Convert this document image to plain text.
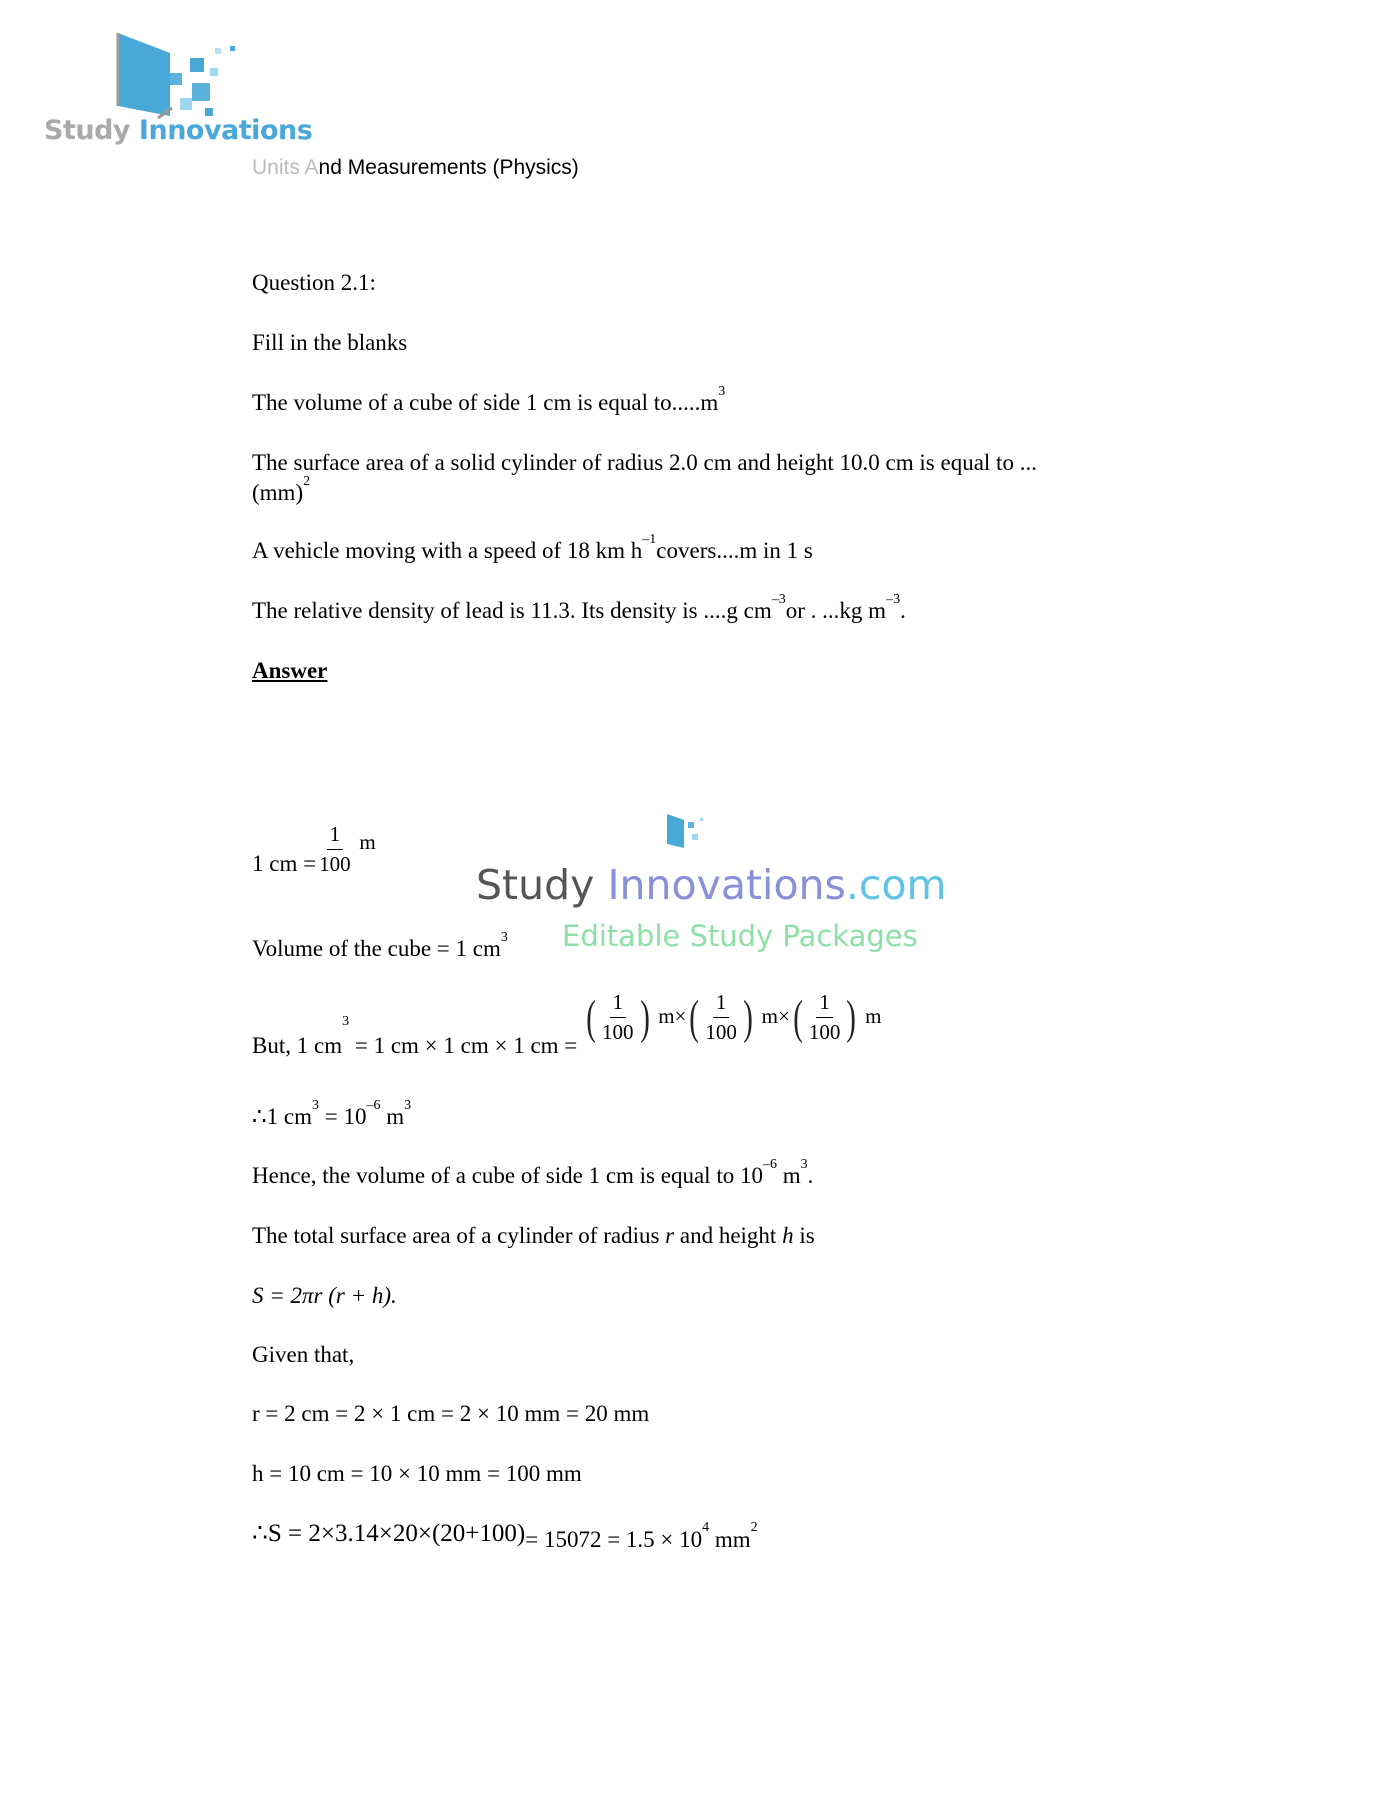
Study Innovations
Units And Measurements (Physics)
Study Innovations.com
Editable Study Packages
Question 2.1:
Fill in the blanks
The volume of a cube of side 1 cm is equal $to.....m^3$
The surface area of a solid cylinder of radius 2.0 cm and height 10.0 cm is equal to ...
(mm)$^2$
A vehicle moving with a speed of 18 km $h^{-1}covers....m$ in 1 s
The relative density of lead is 11.3. Its density is ....g $cm^{-3}or$ . ...kg $m^{-3}$.
Answer
1 cm = $\frac{1}{100}$ m
Volume of the cube = 1 $cm^3$
But, 1 $cm^3 = 1$ cm × 1 cm × 1 cm = ( $\frac{1}{100}$ ) $m\times( \frac{1}{100}$ ) $m\times( \frac{1}{100}$ ) m
∴1 $cm^3 = 10^{-6}$ $m^3$
Hence, the volume of a cube of side 1 cm is equal to $10^{-6}$ $m^3$.
The total surface area of a cylinder of radius r and height h is
S = 2πr (r + h).
Given that,
r = 2 cm = 2 × 1 cm = 2 × 10 mm = 20 mm
h = 10 cm = 10 × 10 mm = 100 mm
∴S = $2\times 3.14\times 20\times(20+100)= 15072 = 1.5 \times 10^4$ $mm^2$
